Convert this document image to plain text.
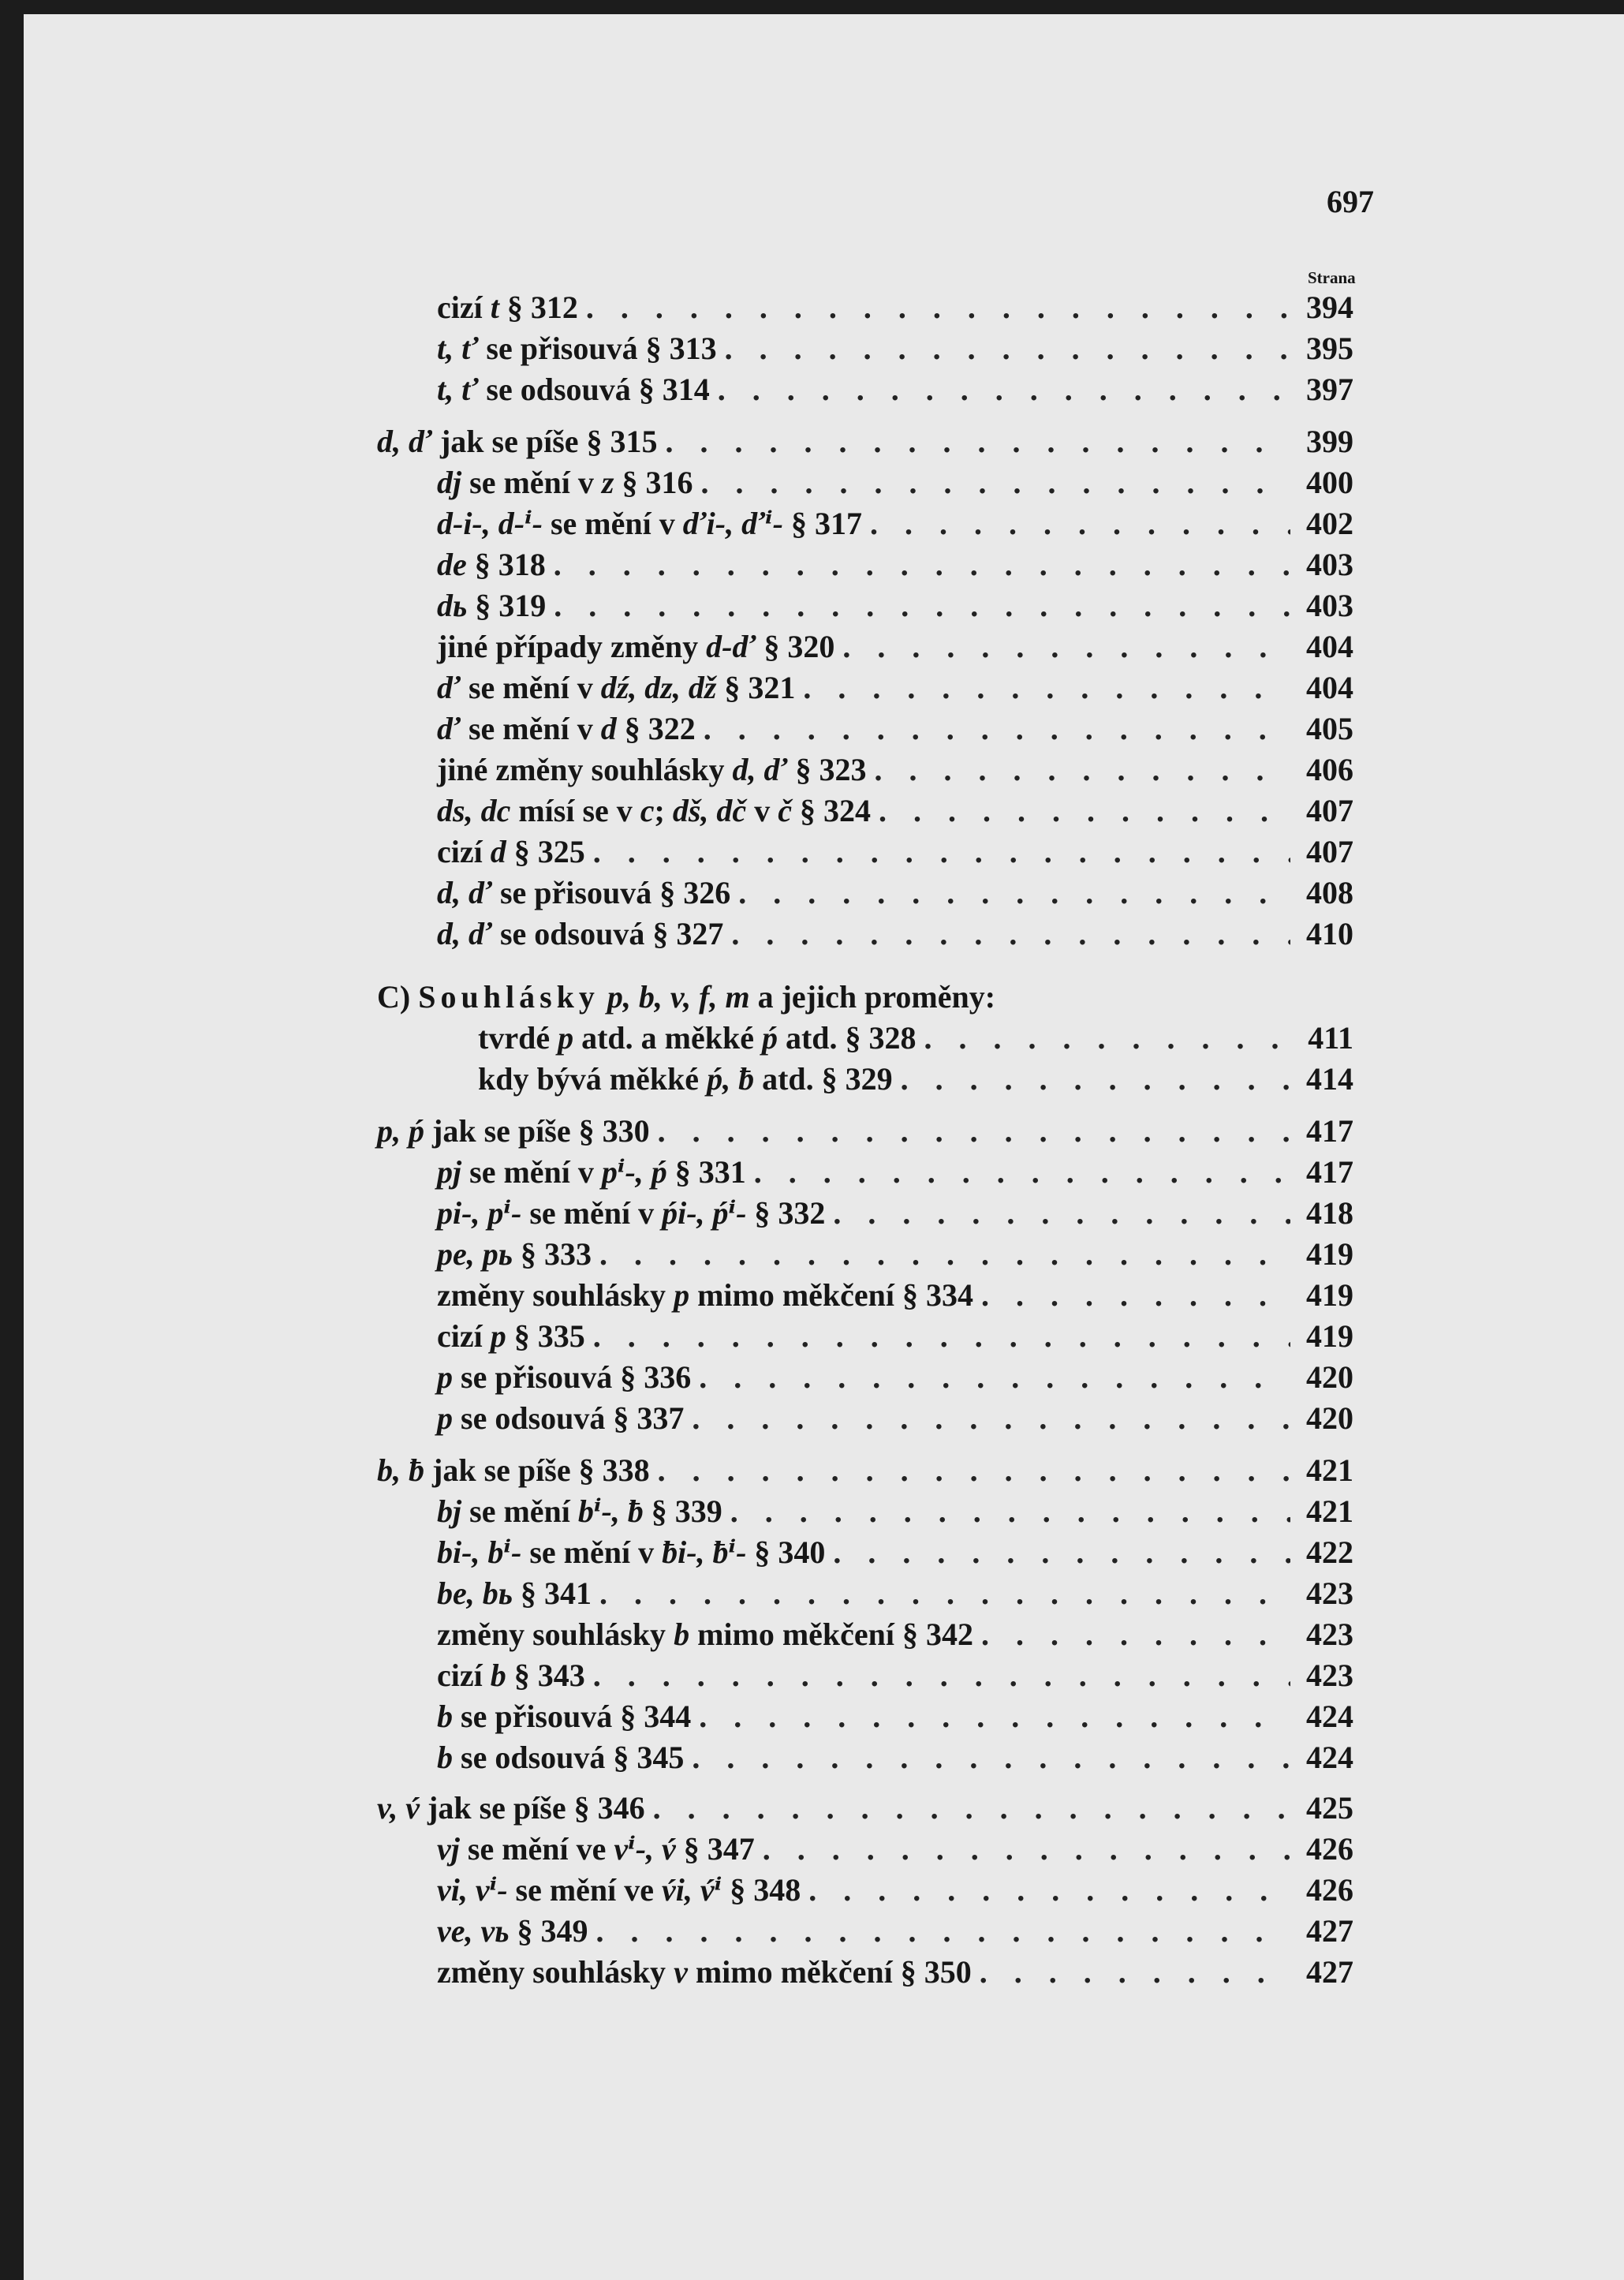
697
Strana
C) Souhlásky p, b, v, f, m a jejich proměny:
cizí t § 312 . . .	394
t, ť se přisouvá § 313 . . .	395
t, ť se odsouvá § 314 . . .	397
d, ď jak se píše § 315 . . .	399
dj se mění v z § 316 . . .	400
d-i-, d-ⁱ- se mění v ďi-, ďⁱ- § 317 . . .	402
de § 318 . . .	403
dь § 319 . . .	403
jiné případy změny d-ď § 320 . . .	404
ď se mění v dź, dz, dž § 321 . . .	404
ď se mění v d § 322 . . .	405
jiné změny souhlásky d, ď § 323 . . .	406
ds, dc mísí se v c; dš, dč v č § 324 . . .	407
cizí d § 325 . . .	407
d, ď se přisouvá § 326 . . .	408
d, ď se odsouvá § 327 . . .	410
tvrdé p atd. a měkké ṕ atd. § 328 . . .	411
kdy bývá měkké ṕ, ƀ atd. § 329 . . .	414
p, ṕ jak se píše § 330 . . .	417
pj se mění v pⁱ-, ṕ § 331 . . .	417
pi-, pⁱ- se mění v ṕi-, ṕⁱ- § 332 . . .	418
pe, pь § 333 . . .	419
změny souhlásky p mimo měkčení § 334 . . .	419
cizí p § 335 . . .	419
p se přisouvá § 336 . . .	420
p se odsouvá § 337 . . .	420
b, ƀ jak se píše § 338 . . .	421
bj se mění bⁱ-, ƀ § 339 . . .	421
bi-, bⁱ- se mění v ƀi-, ƀⁱ- § 340 . . .	422
be, bь § 341 . . .	423
změny souhlásky b mimo měkčení § 342 . . .	423
cizí b § 343 . . .	423
b se přisouvá § 344 . . .	424
b se odsouvá § 345 . . .	424
v, v́ jak se píše § 346 . . .	425
vj se mění ve vⁱ-, v́ § 347 . . .	426
vi, vⁱ- se mění ve v́i, v́ⁱ § 348 . . .	426
ve, vь § 349 . . .	427
změny souhlásky v mimo měkčení § 350 . . .	427
